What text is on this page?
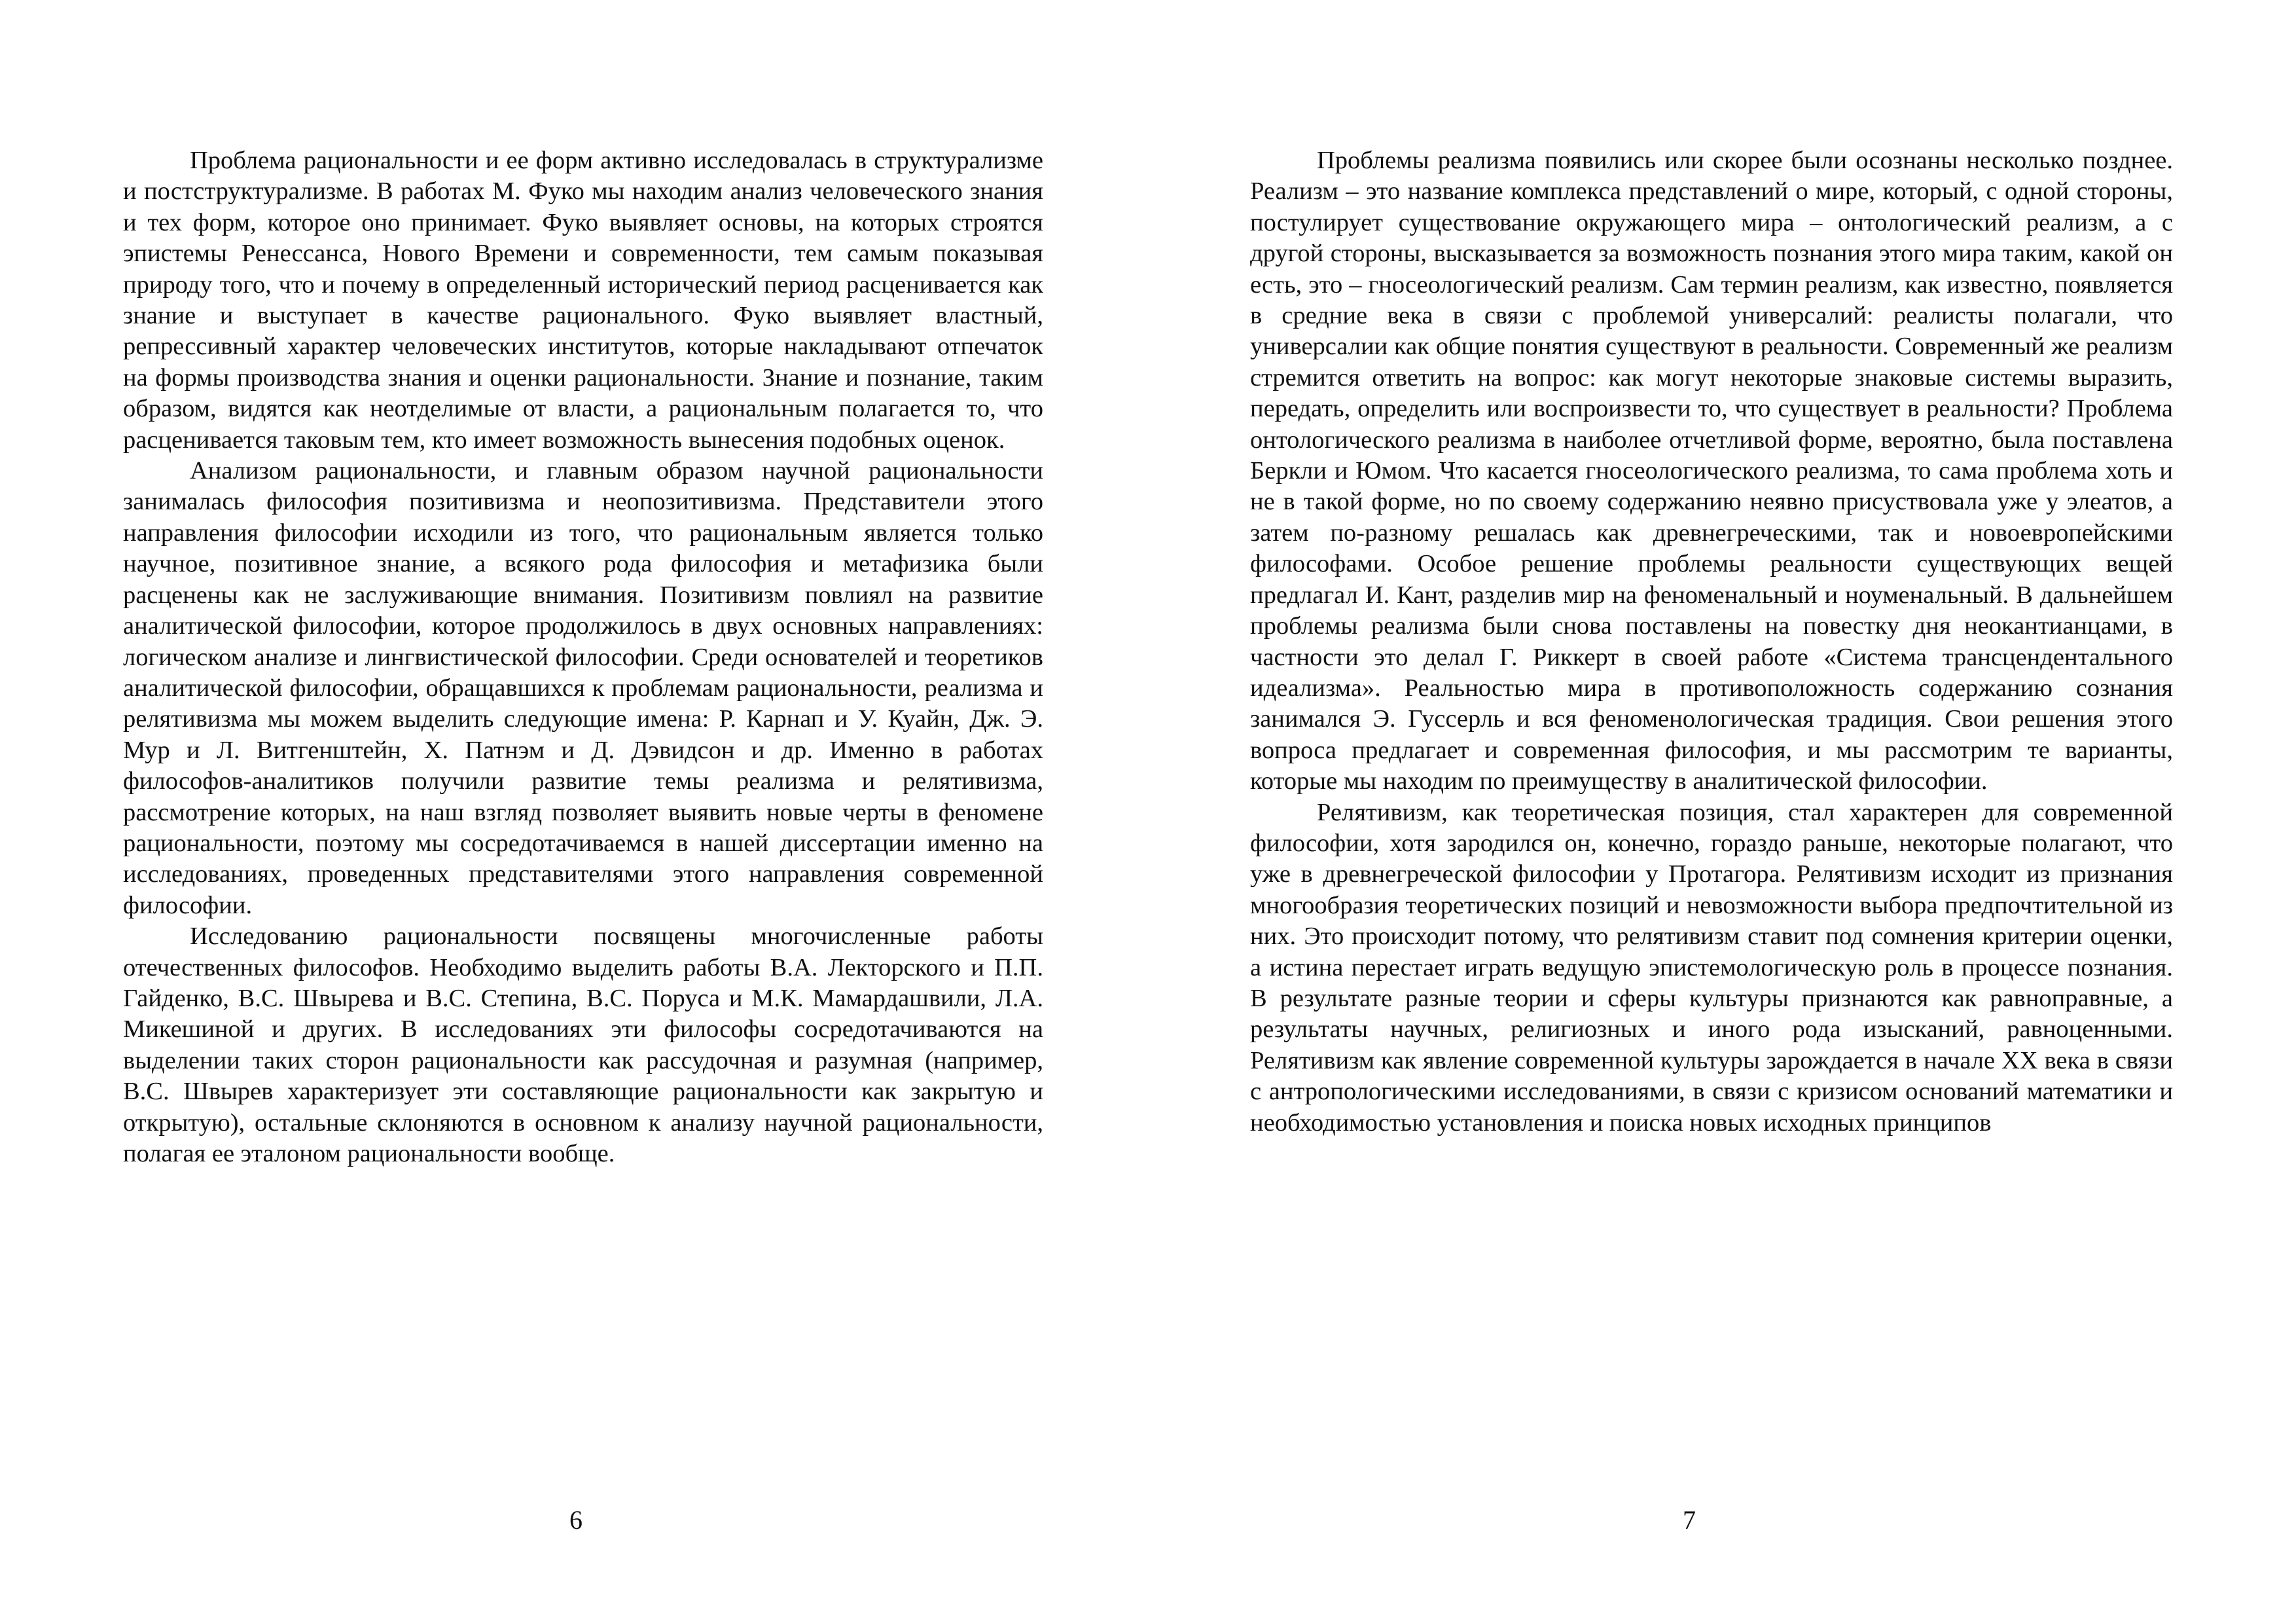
Проблема рациональности и ее форм активно исследовалась в структурализме и постструктурализме. В работах М. Фуко мы находим анализ человеческого знания и тех форм, которое оно принимает. Фуко выявляет основы, на которых строятся эпистемы Ренессанса, Нового Времени и современности, тем самым показывая природу того, что и почему в определенный исторический период расценивается как знание и выступает в качестве рационального. Фуко выявляет властный, репрессивный характер человеческих институтов, которые накладывают отпечаток на формы производства знания и оценки рациональности. Знание и познание, таким образом, видятся как неотделимые от власти, а рациональным полагается то, что расценивается таковым тем, кто имеет возможность вынесения подобных оценок.

Анализом рациональности, и главным образом научной рациональности занималась философия позитивизма и неопозитивизма. Представители этого направления философии исходили из того, что рациональным является только научное, позитивное знание, а всякого рода философия и метафизика были расценены как не заслуживающие внимания. Позитивизм повлиял на развитие аналитической философии, которое продолжилось в двух основных направлениях: логическом анализе и лингвистической философии. Среди основателей и теоретиков аналитической философии, обращавшихся к проблемам рациональности, реализма и релятивизма мы можем выделить следующие имена: Р. Карнап и У. Куайн, Дж. Э. Мур и Л. Витгенштейн, Х. Патнэм и Д. Дэвидсон и др. Именно в работах философов-аналитиков получили развитие темы реализма и релятивизма, рассмотрение которых, на наш взгляд позволяет выявить новые черты в феномене рациональности, поэтому мы сосредотачиваемся в нашей диссертации именно на исследованиях, проведенных представителями этого направления современной философии.

Исследованию рациональности посвящены многочисленные работы отечественных философов. Необходимо выделить работы В.А. Лекторского и П.П. Гайденко, В.С. Швырева и В.С. Степина, В.С. Поруса и М.К. Мамардашвили, Л.А. Микешиной и других. В исследованиях эти философы сосредотачиваются на выделении таких сторон рациональности как рассудочная и разумная (например, В.С. Швырев характеризует эти составляющие рациональности как закрытую и открытую), остальные склоняются в основном к анализу научной рациональности, полагая ее эталоном рациональности вообще.

6

Проблемы реализма появились или скорее были осознаны несколько позднее. Реализм – это название комплекса представлений о мире, который, с одной стороны, постулирует существование окружающего мира – онтологический реализм, а с другой стороны, высказывается за возможность познания этого мира таким, какой он есть, это – гносеологический реализм. Сам термин реализм, как известно, появляется в средние века в связи с проблемой универсалий: реалисты полагали, что универсалии как общие понятия существуют в реальности. Современный же реализм стремится ответить на вопрос: как могут некоторые знаковые системы выразить, передать, определить или воспроизвести то, что существует в реальности? Проблема онтологического реализма в наиболее отчетливой форме, вероятно, была поставлена Беркли и Юмом. Что касается гносеологического реализма, то сама проблема хоть и не в такой форме, но по своему содержанию неявно присуствовала уже у элеатов, а затем по-разному решалась как древнегреческими, так и новоевропейскими философами. Особое решение проблемы реальности существующих вещей предлагал И. Кант, разделив мир на феноменальный и ноуменальный. В дальнейшем проблемы реализма были снова поставлены на повестку дня неокантианцами, в частности это делал Г. Риккерт в своей работе «Система трансцендентального идеализма». Реальностью мира в противоположность содержанию сознания занимался Э. Гуссерль и вся феноменологическая традиция. Свои решения этого вопроса предлагает и современная философия, и мы рассмотрим те варианты, которые мы находим по преимуществу в аналитической философии.

Релятивизм, как теоретическая позиция, стал характерен для современной философии, хотя зародился он, конечно, гораздо раньше, некоторые полагают, что уже в древнегреческой философии у Протагора. Релятивизм исходит из признания многообразия теоретических позиций и невозможности выбора предпочтительной из них. Это происходит потому, что релятивизм ставит под сомнения критерии оценки, а истина перестает играть ведущую эпистемологическую роль в процессе познания. В результате разные теории и сферы культуры признаются как равноправные, а результаты научных, религиозных и иного рода изысканий, равноценными. Релятивизм как явление современной культуры зарождается в начале XX века в связи с антропологическими исследованиями, в связи с кризисом оснований математики и необходимостью установления и поиска новых исходных принципов

7
